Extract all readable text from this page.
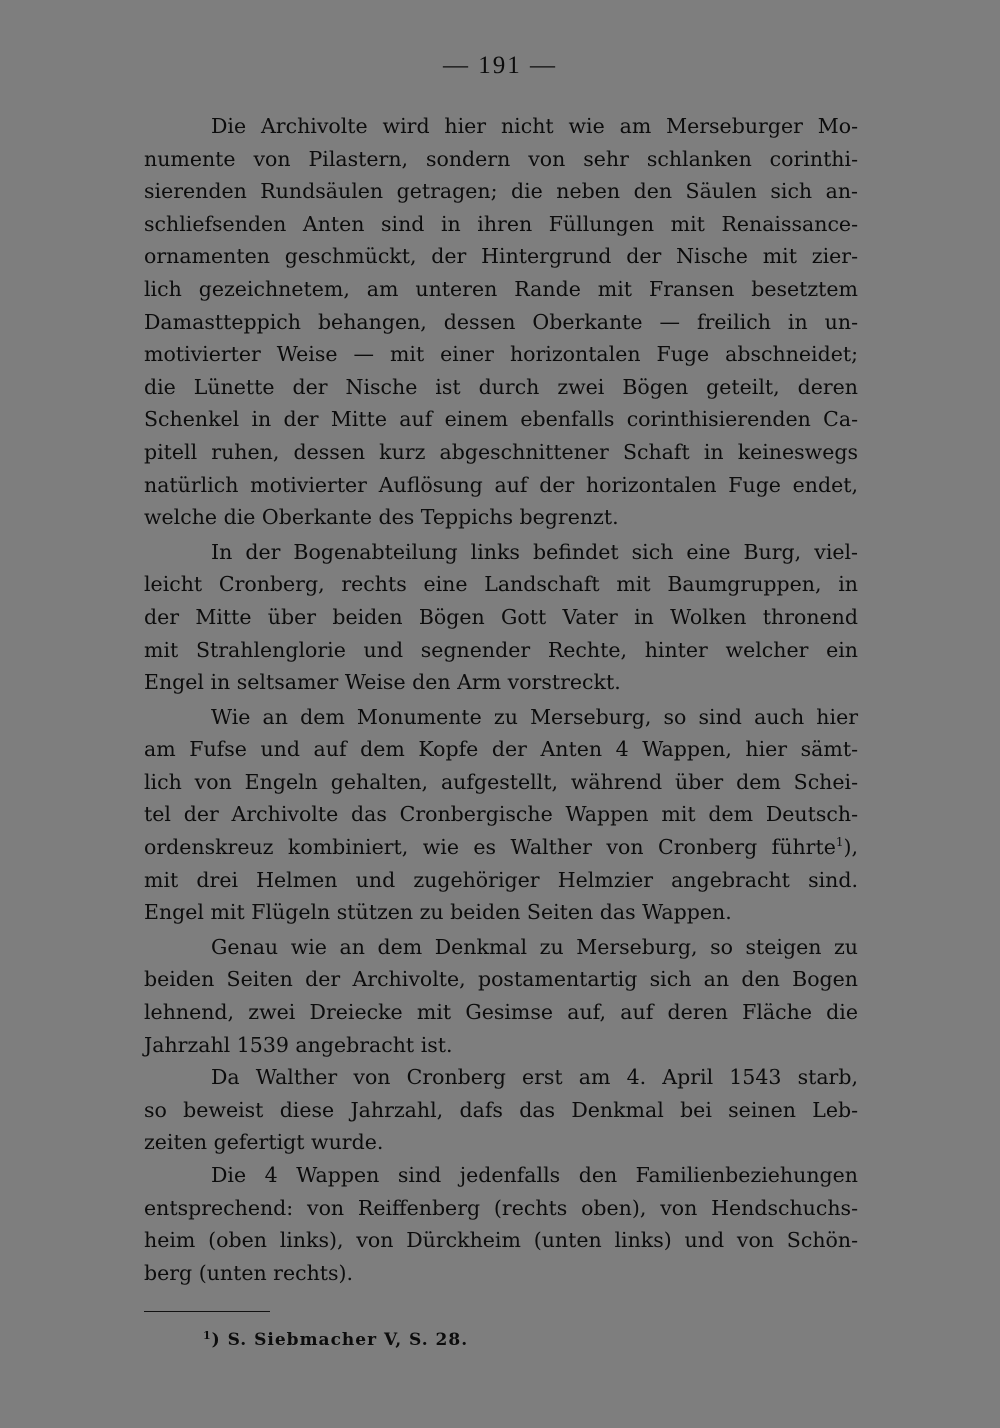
— 191 —
Die Archivolte wird hier nicht wie am Merseburger Mo-
numente von Pilastern, sondern von sehr schlanken corinthi-
sierenden Rundsäulen getragen; die neben den Säulen sich an-
schliefsenden Anten sind in ihren Füllungen mit Renaissance-
ornamenten geschmückt, der Hintergrund der Nische mit zier-
lich gezeichnetem, am unteren Rande mit Fransen besetztem
Damastteppich behangen, dessen Oberkante — freilich in un-
motivierter Weise — mit einer horizontalen Fuge abschneidet;
die Lünette der Nische ist durch zwei Bögen geteilt, deren
Schenkel in der Mitte auf einem ebenfalls corinthisierenden Ca-
pitell ruhen, dessen kurz abgeschnittener Schaft in keineswegs
natürlich motivierter Auflösung auf der horizontalen Fuge endet,
welche die Oberkante des Teppichs begrenzt.
In der Bogenabteilung links befindet sich eine Burg, viel-
leicht Cronberg, rechts eine Landschaft mit Baumgruppen, in
der Mitte über beiden Bögen Gott Vater in Wolken thronend
mit Strahlenglorie und segnender Rechte, hinter welcher ein
Engel in seltsamer Weise den Arm vorstreckt.
Wie an dem Monumente zu Merseburg, so sind auch hier
am Fufse und auf dem Kopfe der Anten 4 Wappen, hier sämt-
lich von Engeln gehalten, aufgestellt, während über dem Schei-
tel der Archivolte das Cronbergische Wappen mit dem Deutsch-
ordenskreuz kombiniert, wie es Walther von Cronberg führte$^1$),
mit drei Helmen und zugehöriger Helmzier angebracht sind.
Engel mit Flügeln stützen zu beiden Seiten das Wappen.
Genau wie an dem Denkmal zu Merseburg, so steigen zu
beiden Seiten der Archivolte, postamentartig sich an den Bogen
lehnend, zwei Dreiecke mit Gesimse auf, auf deren Fläche die
Jahrzahl 1539 angebracht ist.
Da Walther von Cronberg erst am 4. April 1543 starb,
so beweist diese Jahrzahl, dafs das Denkmal bei seinen Leb-
zeiten gefertigt wurde.
Die 4 Wappen sind jedenfalls den Familienbeziehungen
entsprechend: von Reiffenberg (rechts oben), von Hendschuchs-
heim (oben links), von Dürckheim (unten links) und von Schön-
berg (unten rechts).
$^1$) S. Siebmacher V, S. 28.
